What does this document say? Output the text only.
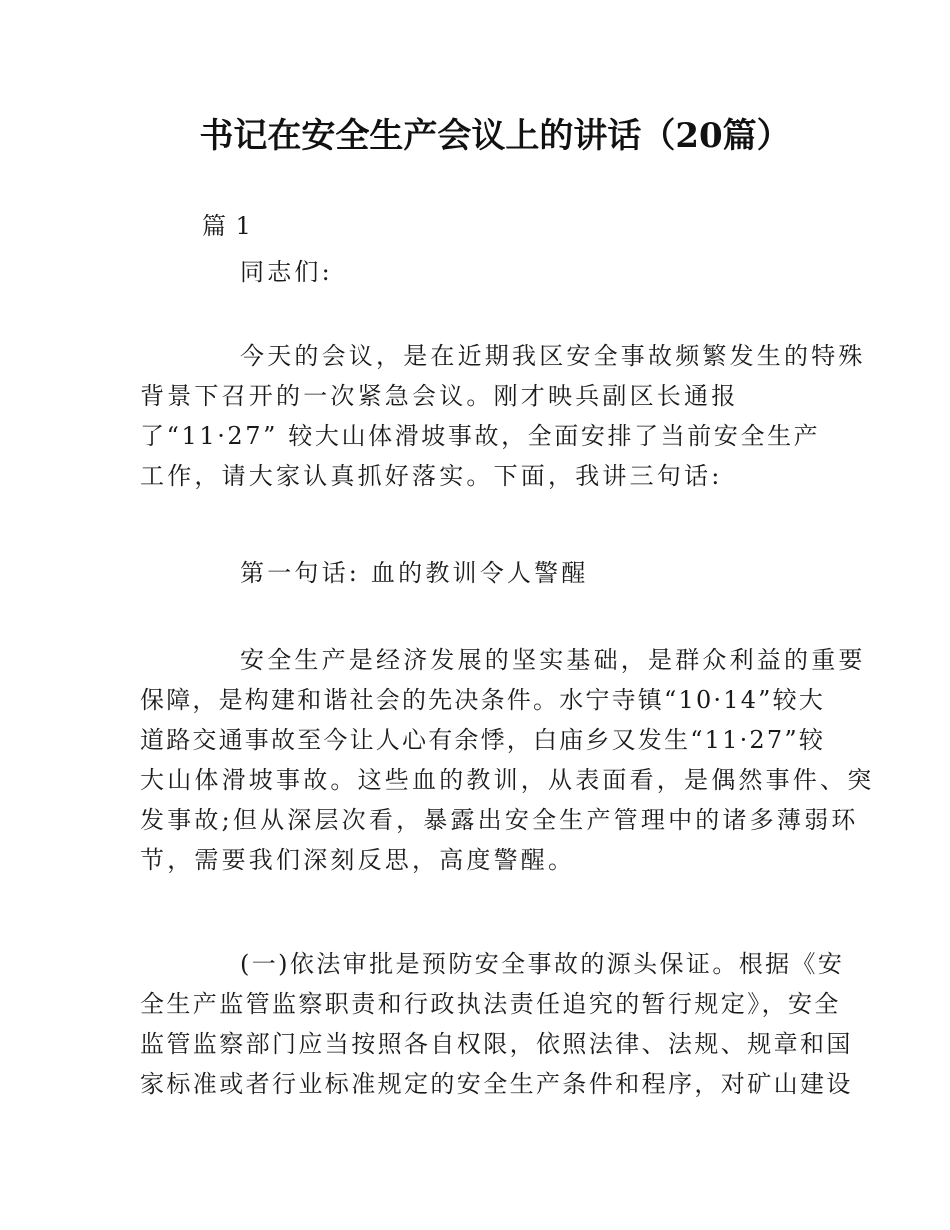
书记在安全生产会议上的讲话（20篇）
篇 1
同志们:
今天的会议，是在近期我区安全事故频繁发生的特殊
背景下召开的一次紧急会议。刚才映兵副区长通报
了“11·27” 较大山体滑坡事故，全面安排了当前安全生产
工作，请大家认真抓好落实。下面，我讲三句话:
第一句话: 血的教训令人警醒
安全生产是经济发展的坚实基础，是群众利益的重要
保障，是构建和谐社会的先决条件。水宁寺镇“10·14”较大
道路交通事故至今让人心有余悸，白庙乡又发生“11·27”较
大山体滑坡事故。这些血的教训，从表面看，是偶然事件、突
发事故;但从深层次看，暴露出安全生产管理中的诸多薄弱环
节，需要我们深刻反思，高度警醒。
(一)依法审批是预防安全事故的源头保证。根据《安
全生产监管监察职责和行政执法责任追究的暂行规定》，安全
监管监察部门应当按照各自权限，依照法律、法规、规章和国
家标准或者行业标准规定的安全生产条件和程序，对矿山建设
